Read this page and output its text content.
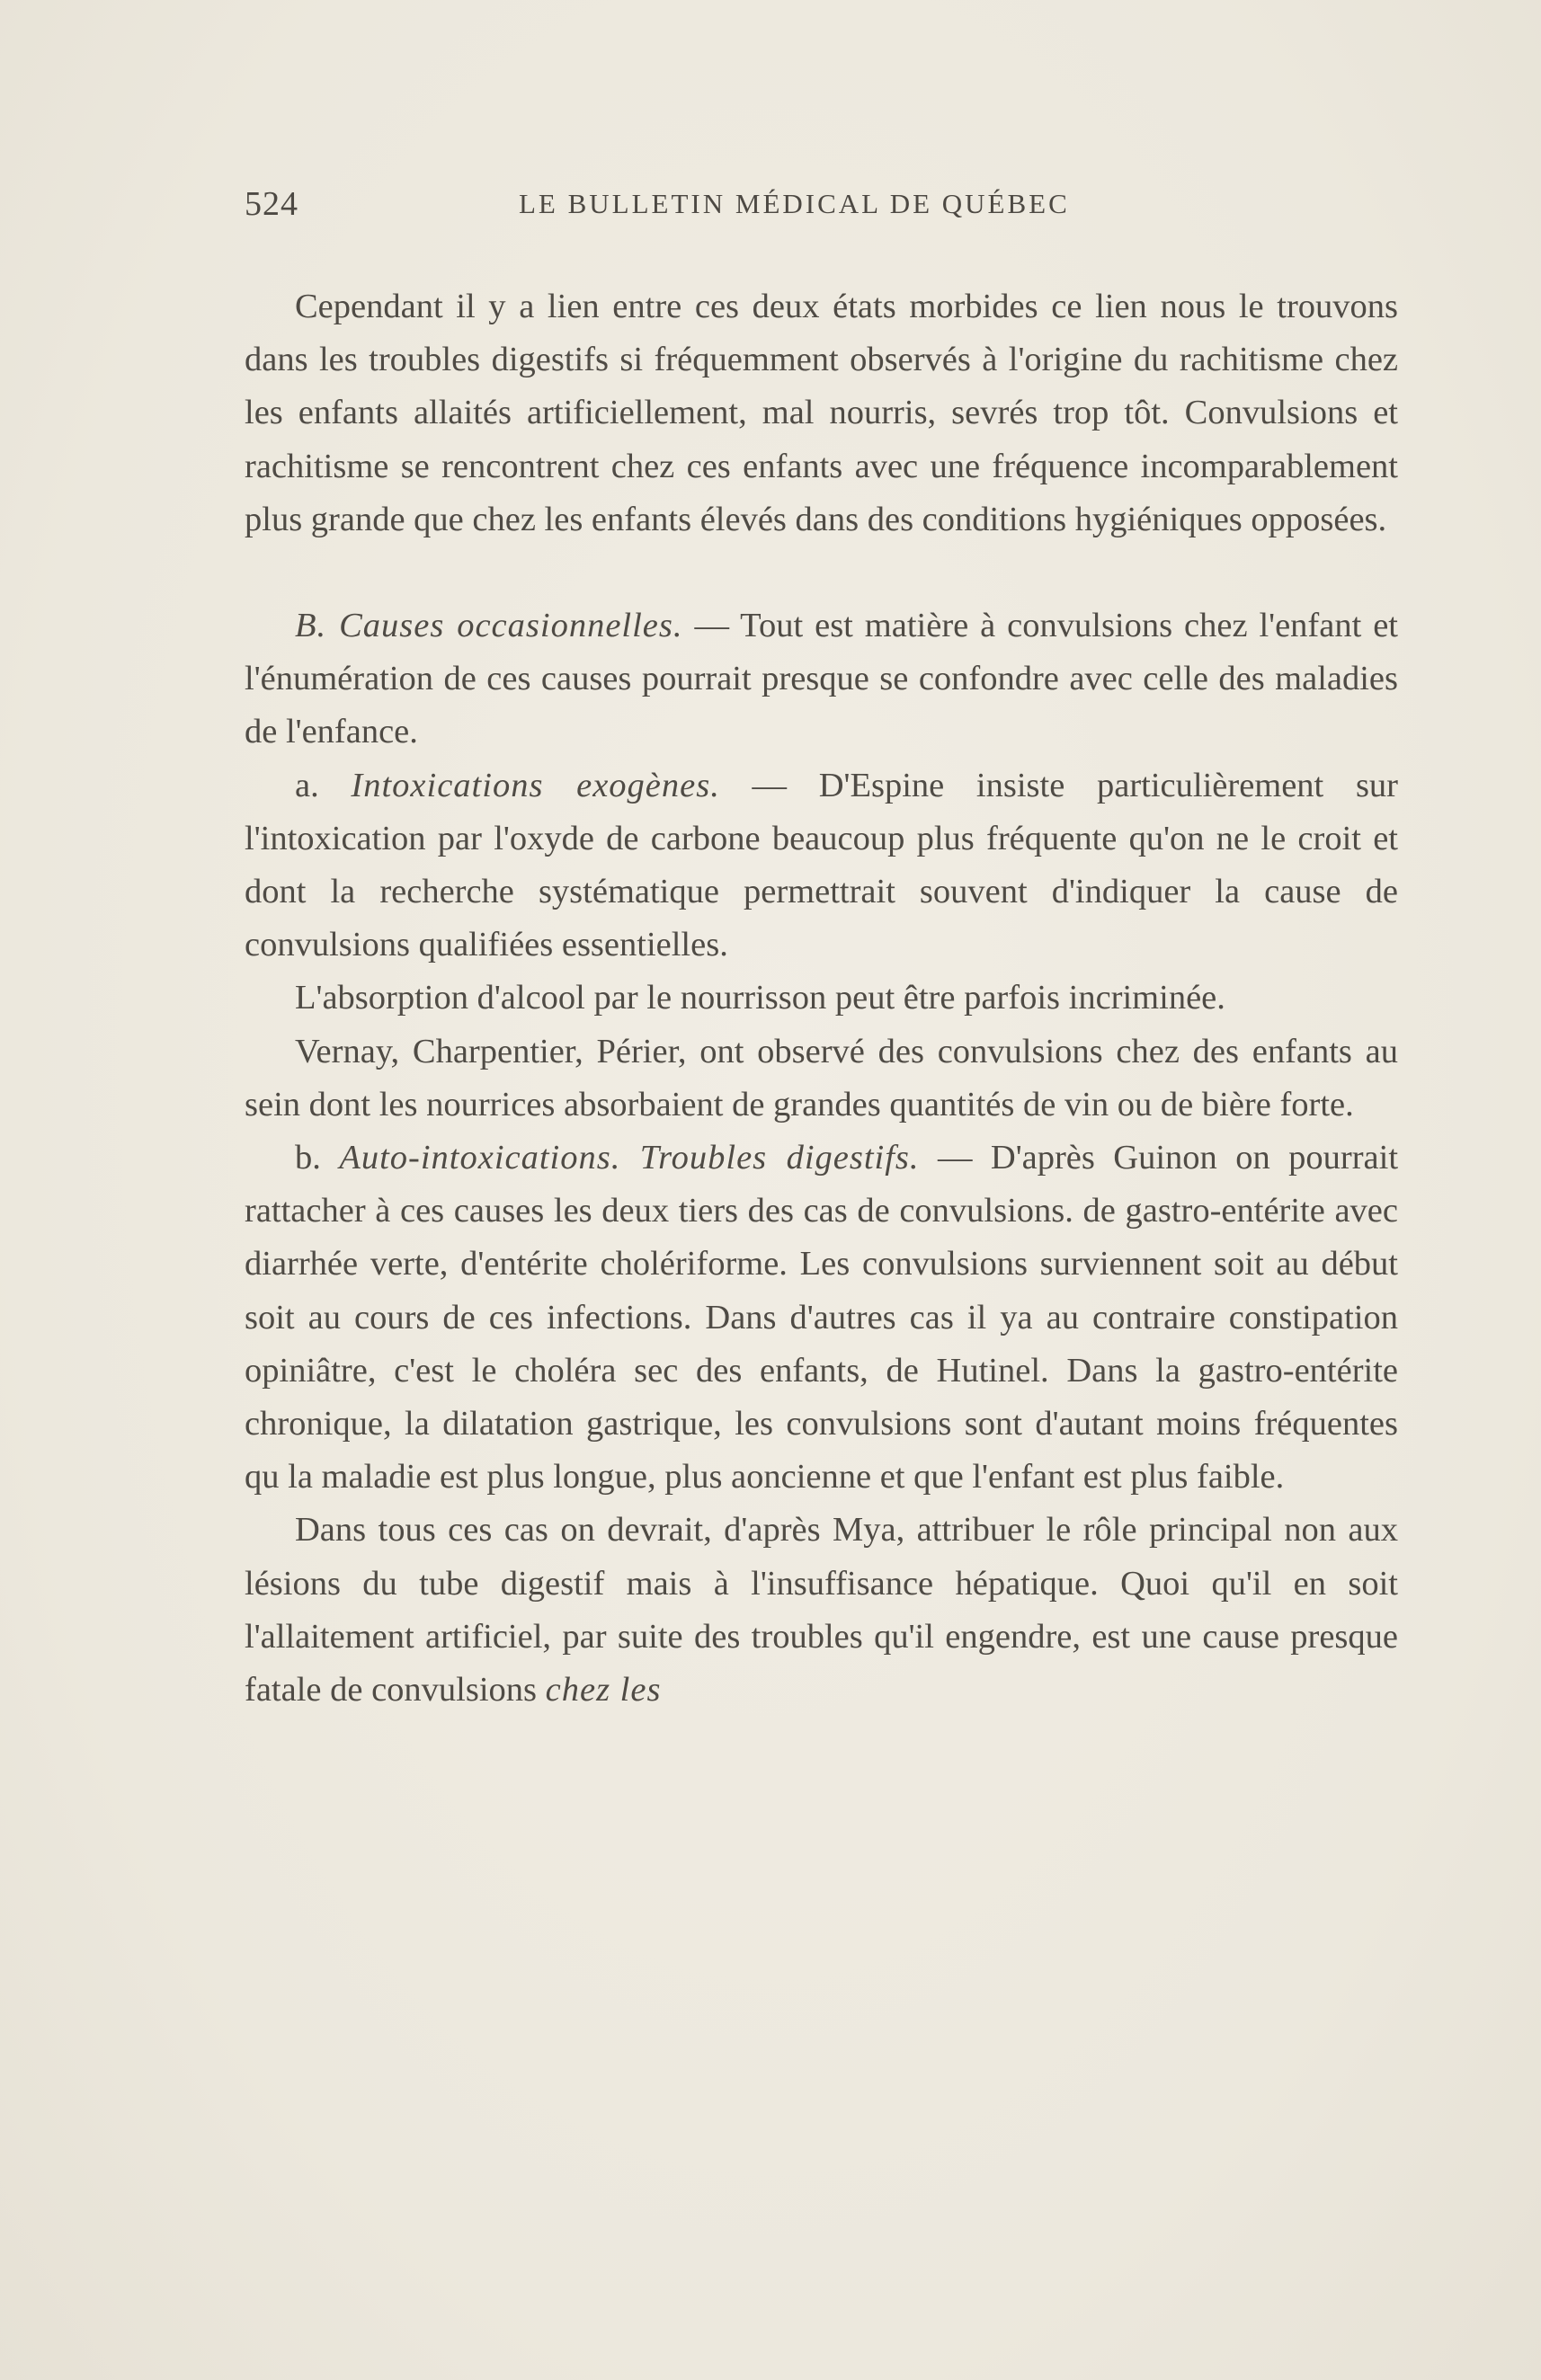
524	LE BULLETIN MÉDICAL DE QUÉBEC

Cependant il y a lien entre ces deux états morbides ce lien nous le trouvons dans les troubles digestifs si fréquemment observés à l'origine du rachitisme chez les enfants allaités artificiellement, mal nourris, sevrés trop tôt. Convulsions et rachitisme se rencontrent chez ces enfants avec une fréquence incomparablement plus grande que chez les enfants élevés dans des conditions hygiéniques opposées.

B. Causes occasionnelles. — Tout est matière à convulsions chez l'enfant et l'énumération de ces causes pourrait presque se confondre avec celle des maladies de l'enfance.

a. Intoxications exogènes. — D'Espine insiste particulièrement sur l'intoxication par l'oxyde de carbone beaucoup plus fréquente qu'on ne le croit et dont la recherche systématique permettrait souvent d'indiquer la cause de convulsions qualifiées essentielles.

L'absorption d'alcool par le nourrisson peut être parfois incriminée.

Vernay, Charpentier, Périer, ont observé des convulsions chez des enfants au sein dont les nourrices absorbaient de grandes quantités de vin ou de bière forte.

b. Auto-intoxications. Troubles digestifs. — D'après Guinon on pourrait rattacher à ces causes les deux tiers des cas de convulsions. de gastro-entérite avec diarrhée verte, d'entérite cholériforme. Les convulsions surviennent soit au début soit au cours de ces infections. Dans d'autres cas il ya au contraire constipation opiniâtre, c'est le choléra sec des enfants, de Hutinel. Dans la gastro-entérite chronique, la dilatation gastrique, les convulsions sont d'autant moins fréquentes qu la maladie est plus longue, plus aoncienne et que l'enfant est plus faible.

Dans tous ces cas on devrait, d'après Mya, attribuer le rôle principal non aux lésions du tube digestif mais à l'insuffisance hépatique. Quoi qu'il en soit l'allaitement artificiel, par suite des troubles qu'il engendre, est une cause presque fatale de convulsions chez les
